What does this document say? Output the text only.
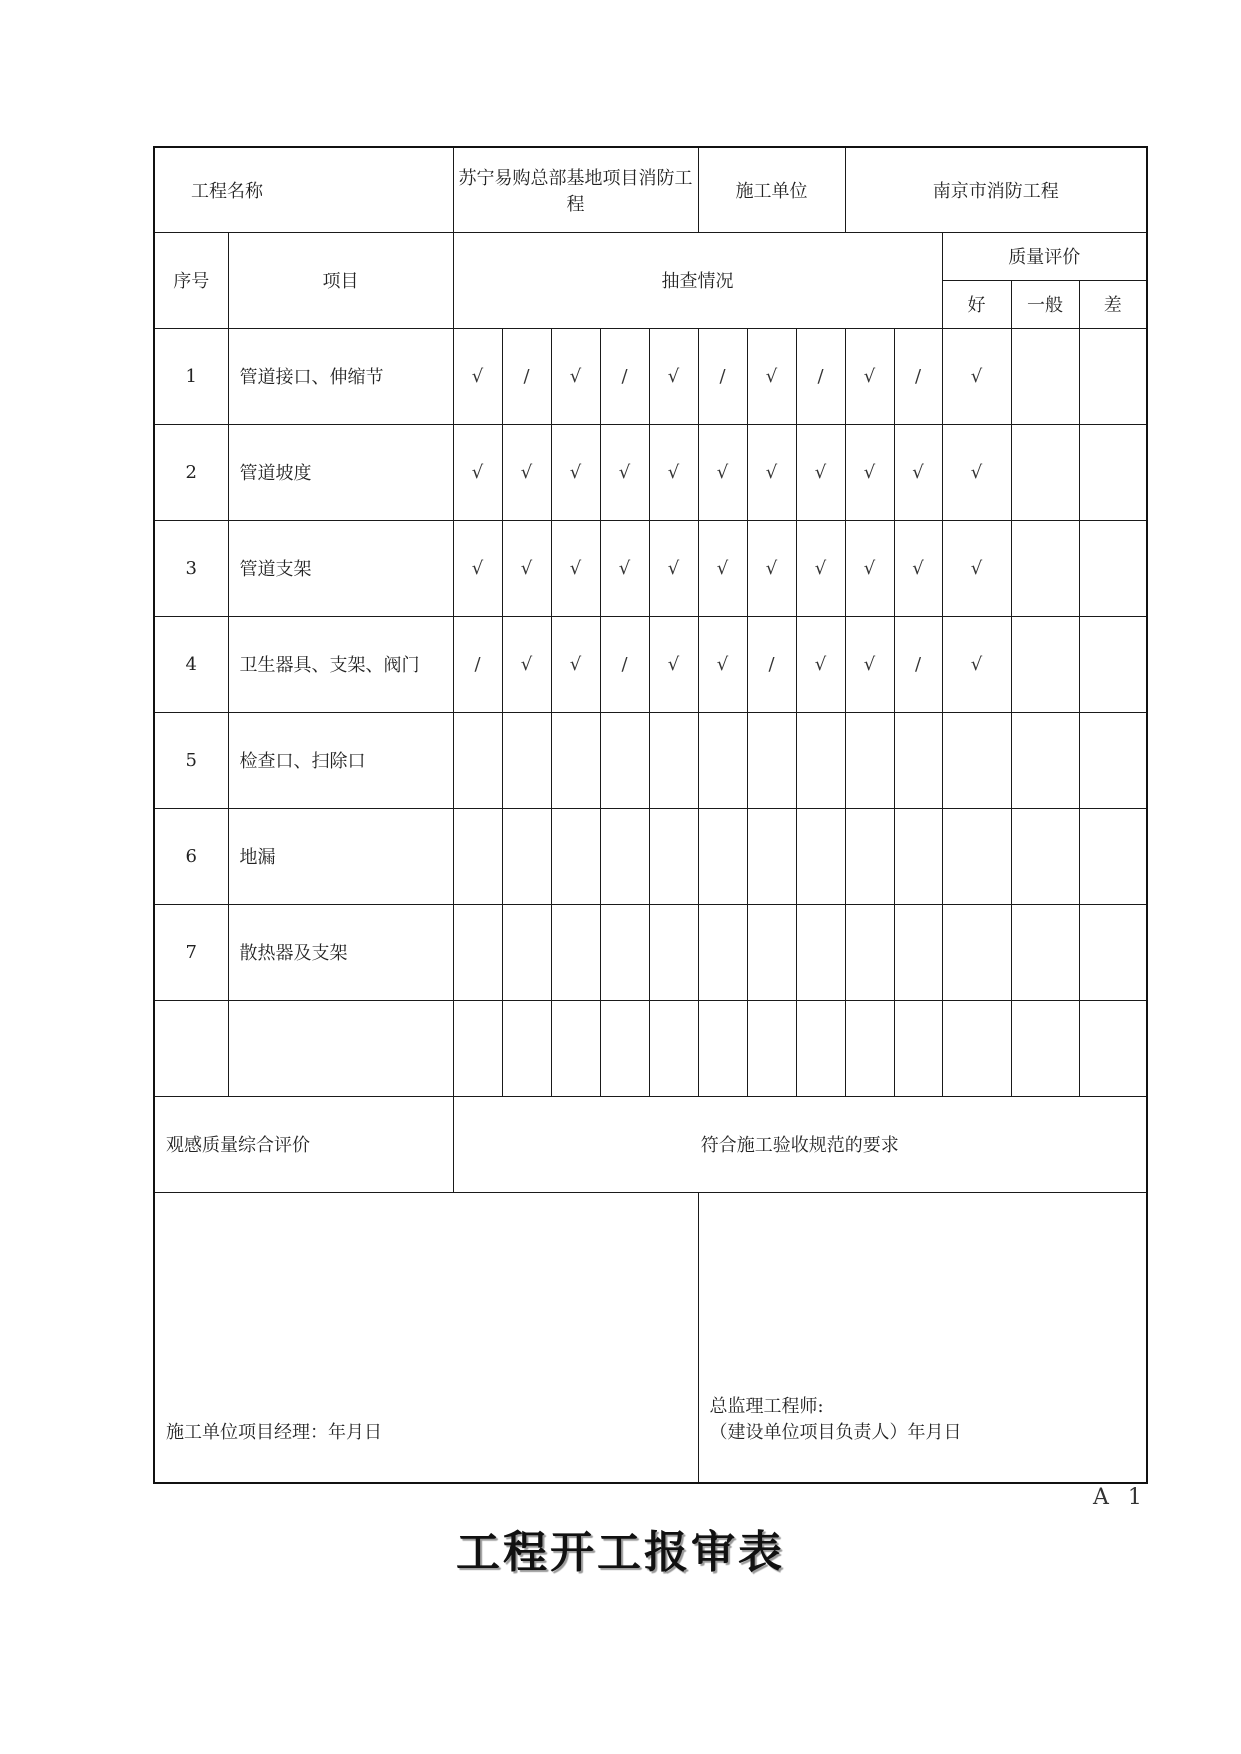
工程名称		苏宁易购总部基地项目消防工程					施工单位			南京市消防工程				
序号	项目	抽查情况										质量评价		
												好	一般	差
1	管道接口、伸缩节	√	/	√	/	√	/	√	/	√	/	√		
2	管道坡度	√	√	√	√	√	√	√	√	√	√	√		
3	管道支架	√	√	√	√	√	√	√	√	√	√	√		
4	卫生器具、支架、阀门	/	√	√	/	√	√	/	√	√	/	√		
5	检查口、扫除口													
6	地漏													
7	散热器及支架													

观感质量综合评价		符合施工验收规范的要求												

施工单位项目经理：年月日							总监理工程师:
（建设单位项目负责人）年月日							
A 1
工程开工报审表
